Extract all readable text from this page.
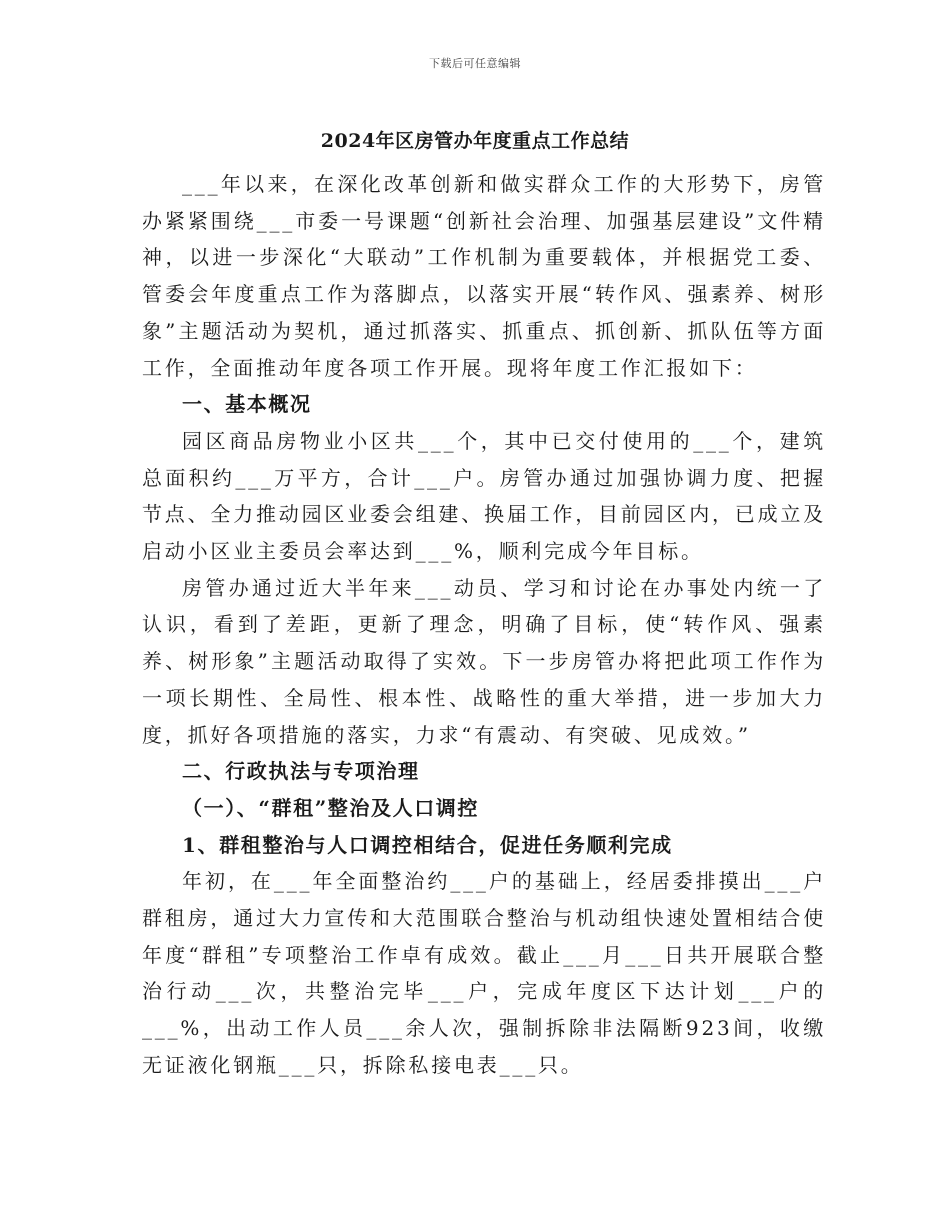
下载后可任意编辑
2024年区房管办年度重点工作总结

___年以来，在深化改革创新和做实群众工作的大形势下，房管办紧紧围绕___市委一号课题“创新社会治理、加强基层建设”文件精神，以进一步深化“大联动”工作机制为重要载体，并根据党工委、管委会年度重点工作为落脚点，以落实开展“转作风、强素养、树形象”主题活动为契机，通过抓落实、抓重点、抓创新、抓队伍等方面工作，全面推动年度各项工作开展。现将年度工作汇报如下：

一、基本概况

园区商品房物业小区共___个，其中已交付使用的___个，建筑总面积约___万平方，合计___户。房管办通过加强协调力度、把握节点、全力推动园区业委会组建、换届工作，目前园区内，已成立及启动小区业主委员会率达到___%，顺利完成今年目标。

房管办通过近大半年来___动员、学习和讨论在办事处内统一了认识，看到了差距，更新了理念，明确了目标，使“转作风、强素养、树形象”主题活动取得了实效。下一步房管办将把此项工作作为一项长期性、全局性、根本性、战略性的重大举措，进一步加大力度，抓好各项措施的落实，力求“有震动、有突破、见成效。”

二、行政执法与专项治理

（一）、“群租”整治及人口调控

1、群租整治与人口调控相结合，促进任务顺利完成

年初，在___年全面整治约___户的基础上，经居委排摸出___户群租房，通过大力宣传和大范围联合整治与机动组快速处置相结合使年度“群租”专项整治工作卓有成效。截止___月___日共开展联合整治行动___次，共整治完毕___户，完成年度区下达计划___户的___%，出动工作人员___余人次，强制拆除非法隔断923间，收缴无证液化钢瓶___只，拆除私接电表___只。
